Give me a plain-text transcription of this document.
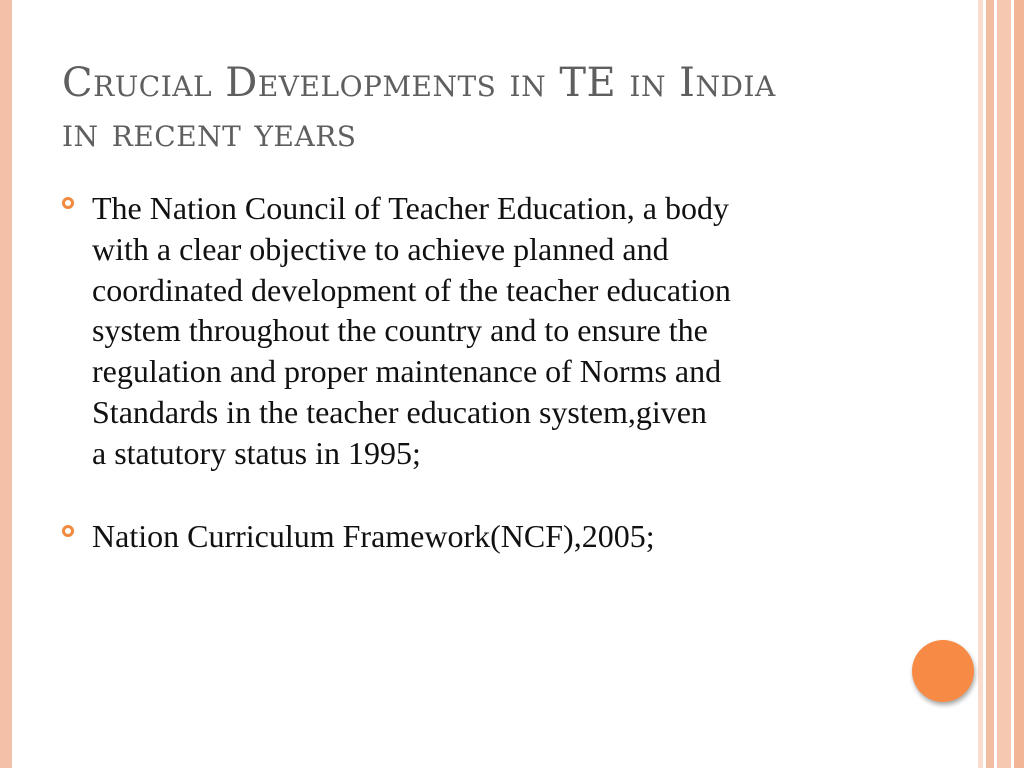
Crucial Developments in TE in India
in recent years
The Nation Council of Teacher Education, a body
with a clear objective to achieve planned and
coordinated development of the teacher education
system throughout the country and to ensure the
regulation and proper maintenance of Norms and
Standards in the teacher education system,given
a statutory status in 1995;
Nation Curriculum Framework(NCF),2005;
